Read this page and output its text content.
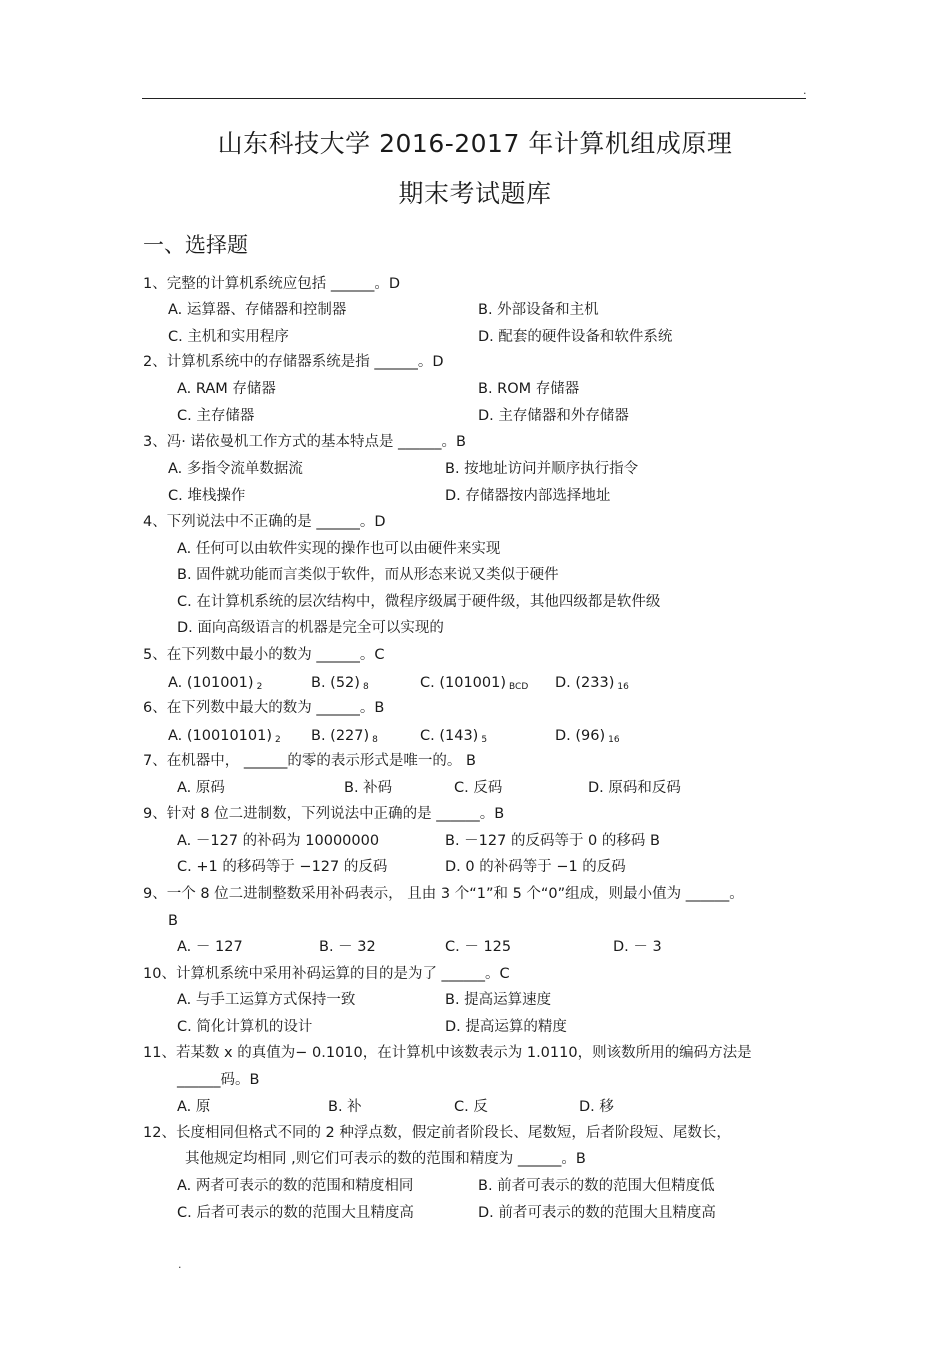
.
山东科技大学 2016-2017 年计算机组成原理
期末考试题库
一、选择题
1、完整的计算机系统应包括 ______。D
A. 运算器、存储器和控制器	B. 外部设备和主机
C. 主机和实用程序	D. 配套的硬件设备和软件系统
2、计算机系统中的存储器系统是指 ______。D
A. RAM 存储器	B. ROM 存储器
C. 主存储器	D. 主存储器和外存储器
3、冯· 诺依曼机工作方式的基本特点是 ______。B
A. 多指令流单数据流	B. 按地址访问并顺序执行指令
C. 堆栈操作	D. 存储器按内部选择地址
4、下列说法中不正确的是 ______。D
A. 任何可以由软件实现的操作也可以由硬件来实现
B. 固件就功能而言类似于软件，而从形态来说又类似于硬件
C. 在计算机系统的层次结构中，微程序级属于硬件级，其他四级都是软件级
D. 面向高级语言的机器是完全可以实现的
5、在下列数中最小的数为 ______。C
A. (101001) $_2$	B. (52) $_8$	C. (101001) $_{BCD}$ D. (233) $_{16}$
6、在下列数中最大的数为 ______。B
A. (10010101) $_2$ B. (227) $_8$	C. (143) $_5$	D. (96) $_{16}$
7、在机器中， ______的零的表示形式是唯一的。 B
A. 原码	B. 补码	C. 反码	D. 原码和反码
9、针对 8 位二进制数，下列说法中正确的是 ______。B
A. －127 的补码为 10000000	B. －127 的反码等于 0 的移码 B
C. +1 的移码等于 −127 的反码	D. 0 的补码等于 −1 的反码
9、一个 8 位二进制整数采用补码表示， 且由 3 个“1”和 5 个“0”组成，则最小值为 ______。
B
A. － 127	B. － 32	C. － 125	D. － 3
10、计算机系统中采用补码运算的目的是为了 ______。C
A. 与手工运算方式保持一致	B. 提高运算速度
C. 简化计算机的设计	D. 提高运算的精度
11、若某数 x 的真值为− 0.1010，在计算机中该数表示为 1.0110，则该数所用的编码方法是
______码。B
A. 原	B. 补	C. 反	D. 移
12、长度相同但格式不同的 2 种浮点数，假定前者阶段长、尾数短，后者阶段短、尾数长，
其他规定均相同 ,则它们可表示的数的范围和精度为 ______。B
A. 两者可表示的数的范围和精度相同	B. 前者可表示的数的范围大但精度低
C. 后者可表示的数的范围大且精度高	D. 前者可表示的数的范围大且精度高
.
